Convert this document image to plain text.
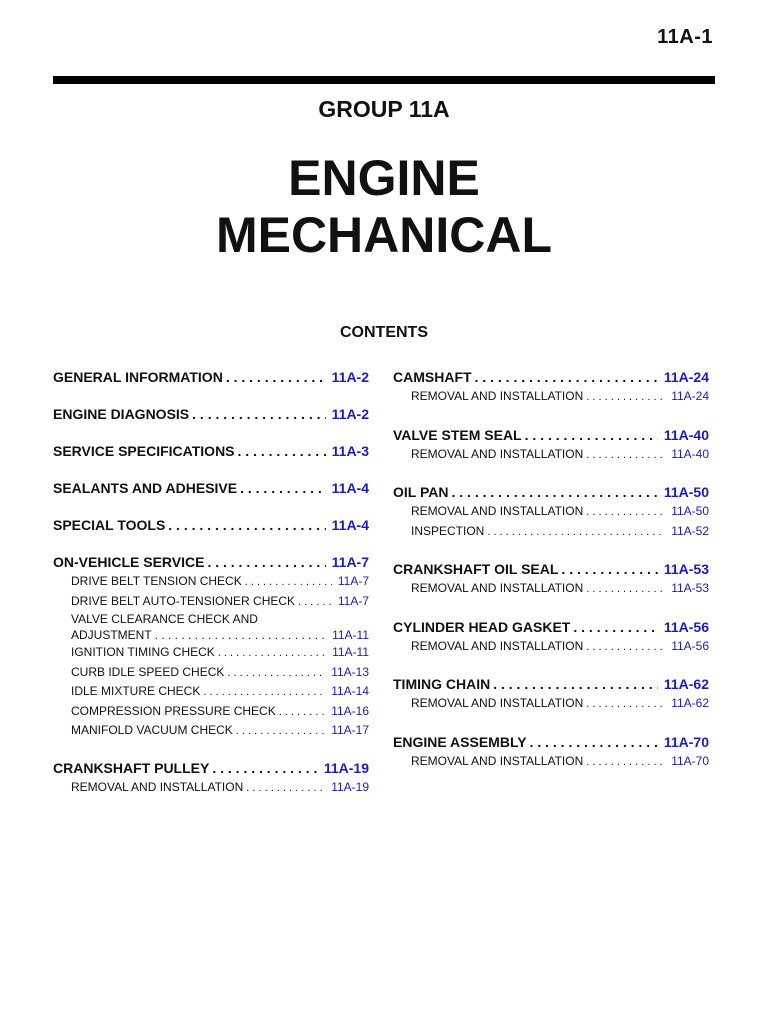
11A-1
GROUP 11A
ENGINE
MECHANICAL
CONTENTS
GENERAL INFORMATION . . .	11A-2
ENGINE DIAGNOSIS . . .	11A-2
SERVICE SPECIFICATIONS . . .	11A-3
SEALANTS AND ADHESIVE . . .	11A-4
SPECIAL TOOLS . . .	11A-4
ON-VEHICLE SERVICE . . .	11A-7
DRIVE BELT TENSION CHECK . . .	11A-7
DRIVE BELT AUTO-TENSIONER CHECK . . .	11A-7
VALVE CLEARANCE CHECK AND
ADJUSTMENT . . .	11A-11
IGNITION TIMING CHECK . . .	11A-11
CURB IDLE SPEED CHECK . . .	11A-13
IDLE MIXTURE CHECK . . .	11A-14
COMPRESSION PRESSURE CHECK . . .	11A-16
MANIFOLD VACUUM CHECK . . .	11A-17
CRANKSHAFT PULLEY . . .	11A-19
REMOVAL AND INSTALLATION . . .	11A-19
CAMSHAFT . . .	11A-24
REMOVAL AND INSTALLATION . . .	11A-24
VALVE STEM SEAL . . .	11A-40
REMOVAL AND INSTALLATION . . .	11A-40
OIL PAN . . .	11A-50
REMOVAL AND INSTALLATION . . .	11A-50
INSPECTION . . .	11A-52
CRANKSHAFT OIL SEAL . . .	11A-53
REMOVAL AND INSTALLATION . . .	11A-53
CYLINDER HEAD GASKET . . .	11A-56
REMOVAL AND INSTALLATION . . .	11A-56
TIMING CHAIN . . .	11A-62
REMOVAL AND INSTALLATION . . .	11A-62
ENGINE ASSEMBLY . . .	11A-70
REMOVAL AND INSTALLATION . . .	11A-70
